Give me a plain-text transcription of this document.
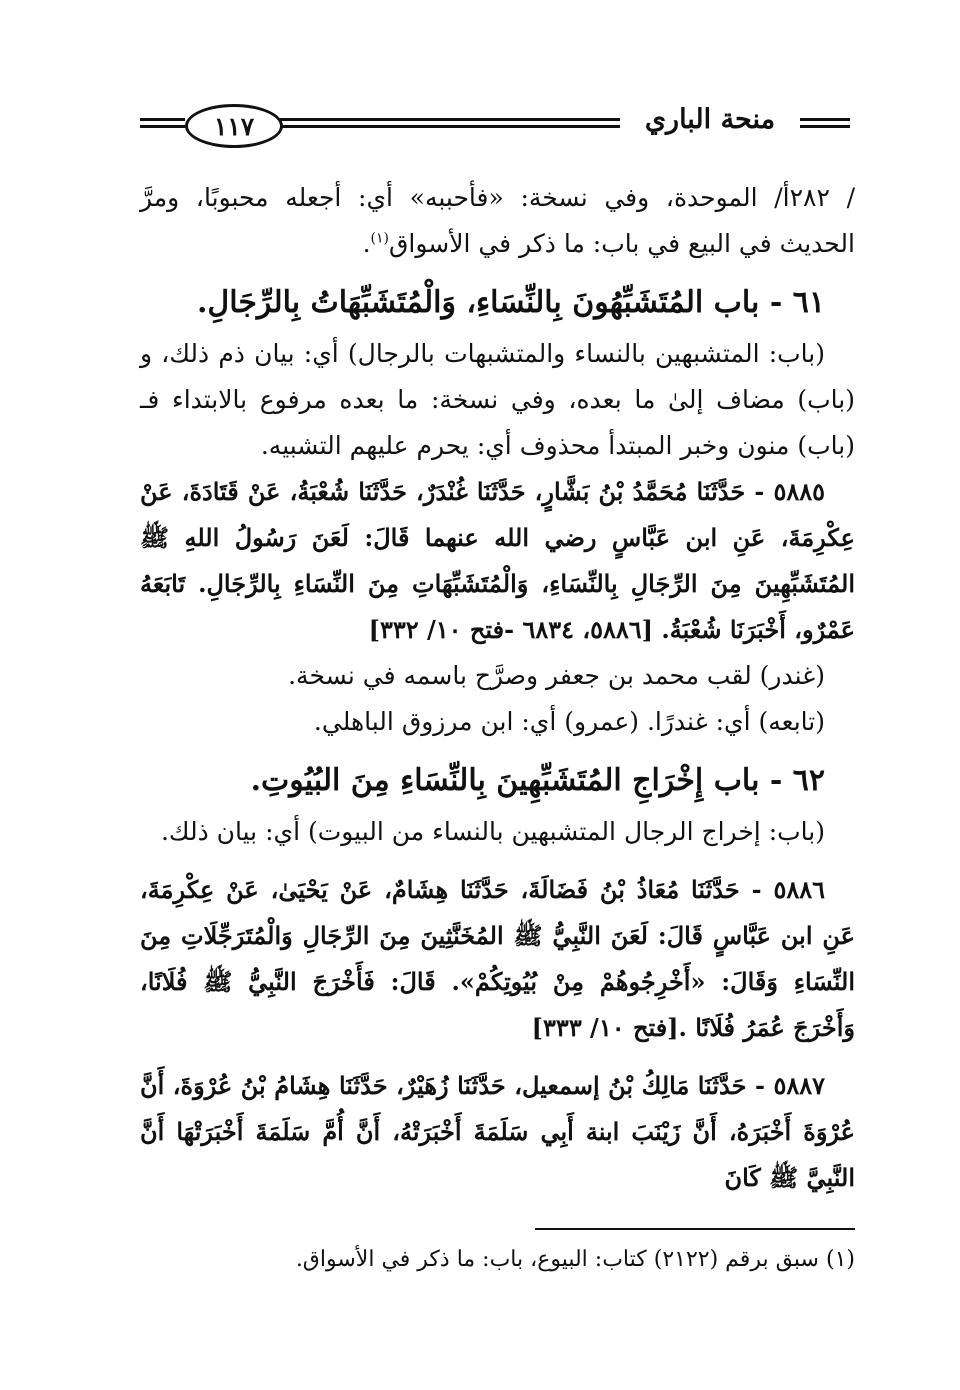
منحة الباري
١١٧

/ ٢٨٢أ/ الموحدة، وفي نسخة: «فأحببه» أي: أجعله محبوبًا، ومرَّ الحديث في البيع في باب: ما ذكر في الأسواق$^{(١)}$.

٦١ - باب المُتَشَبِّهُونَ بِالنِّسَاءِ، وَالْمُتَشَبِّهَاتُ بِالرِّجَالِ.

(باب: المتشبهين بالنساء والمتشبهات بالرجال) أي: بيان ذم ذلك، و (باب) مضاف إلىٰ ما بعده، وفي نسخة: ما بعده مرفوع بالابتداء فـ (باب) منون وخبر المبتدأ محذوف أي: يحرم عليهم التشبيه.

٥٨٨٥ - حَدَّثَنَا مُحَمَّدُ بْنُ بَشَّارٍ، حَدَّثَنَا غُنْدَرٌ، حَدَّثَنَا شُعْبَةُ، عَنْ قَتَادَةَ، عَنْ عِكْرِمَةَ، عَنِ ابن عَبَّاسٍ رضي الله عنهما قَالَ: لَعَنَ رَسُولُ اللهِ ﷺ المُتَشَبِّهِينَ مِنَ الرِّجَالِ بِالنِّسَاءِ، وَالْمُتَشَبِّهَاتِ مِنَ النِّسَاءِ بِالرِّجَالِ. تَابَعَهُ عَمْرٌو، أَخْبَرَنَا شُعْبَةُ. [٥٨٨٦، ٦٨٣٤ -فتح ١٠/ ٣٣٢]

(غندر) لقب محمد بن جعفر وصرَّح باسمه في نسخة.

(تابعه) أي: غندرًا. (عمرو) أي: ابن مرزوق الباهلي.

٦٢ - باب إِخْرَاجِ المُتَشَبِّهِينَ بِالنِّسَاءِ مِنَ البُيُوتِ.

(باب: إخراج الرجال المتشبهين بالنساء من البيوت) أي: بيان ذلك.

٥٨٨٦ - حَدَّثَنَا مُعَاذُ بْنُ فَضَالَةَ، حَدَّثَنَا هِشَامٌ، عَنْ يَحْيَىٰ، عَنْ عِكْرِمَةَ، عَنِ ابن عَبَّاسٍ قَالَ: لَعَنَ النَّبِيُّ ﷺ المُخَنَّثِينَ مِنَ الرِّجَالِ وَالْمُتَرَجِّلَاتِ مِنَ النِّسَاءِ وَقَالَ: «أَخْرِجُوهُمْ مِنْ بُيُوتِكُمْ». قَالَ: فَأَخْرَجَ النَّبِيُّ ﷺ فُلَانًا، وَأَخْرَجَ عُمَرُ فُلَانًا .[فتح ١٠/ ٣٣٣]

٥٨٨٧ - حَدَّثَنَا مَالِكُ بْنُ إسمعيل، حَدَّثَنَا زُهَيْرٌ، حَدَّثَنَا هِشَامُ بْنُ عُرْوَةَ، أَنَّ عُرْوَةَ أَخْبَرَهُ، أَنَّ زَيْنَبَ ابنة أَبِي سَلَمَةَ أَخْبَرَتْهُ، أَنَّ أُمَّ سَلَمَةَ أَخْبَرَتْهَا أَنَّ النَّبِيَّ ﷺ كَانَ

(١) سبق برقم (٢١٢٢) كتاب: البيوع، باب: ما ذكر في الأسواق.
